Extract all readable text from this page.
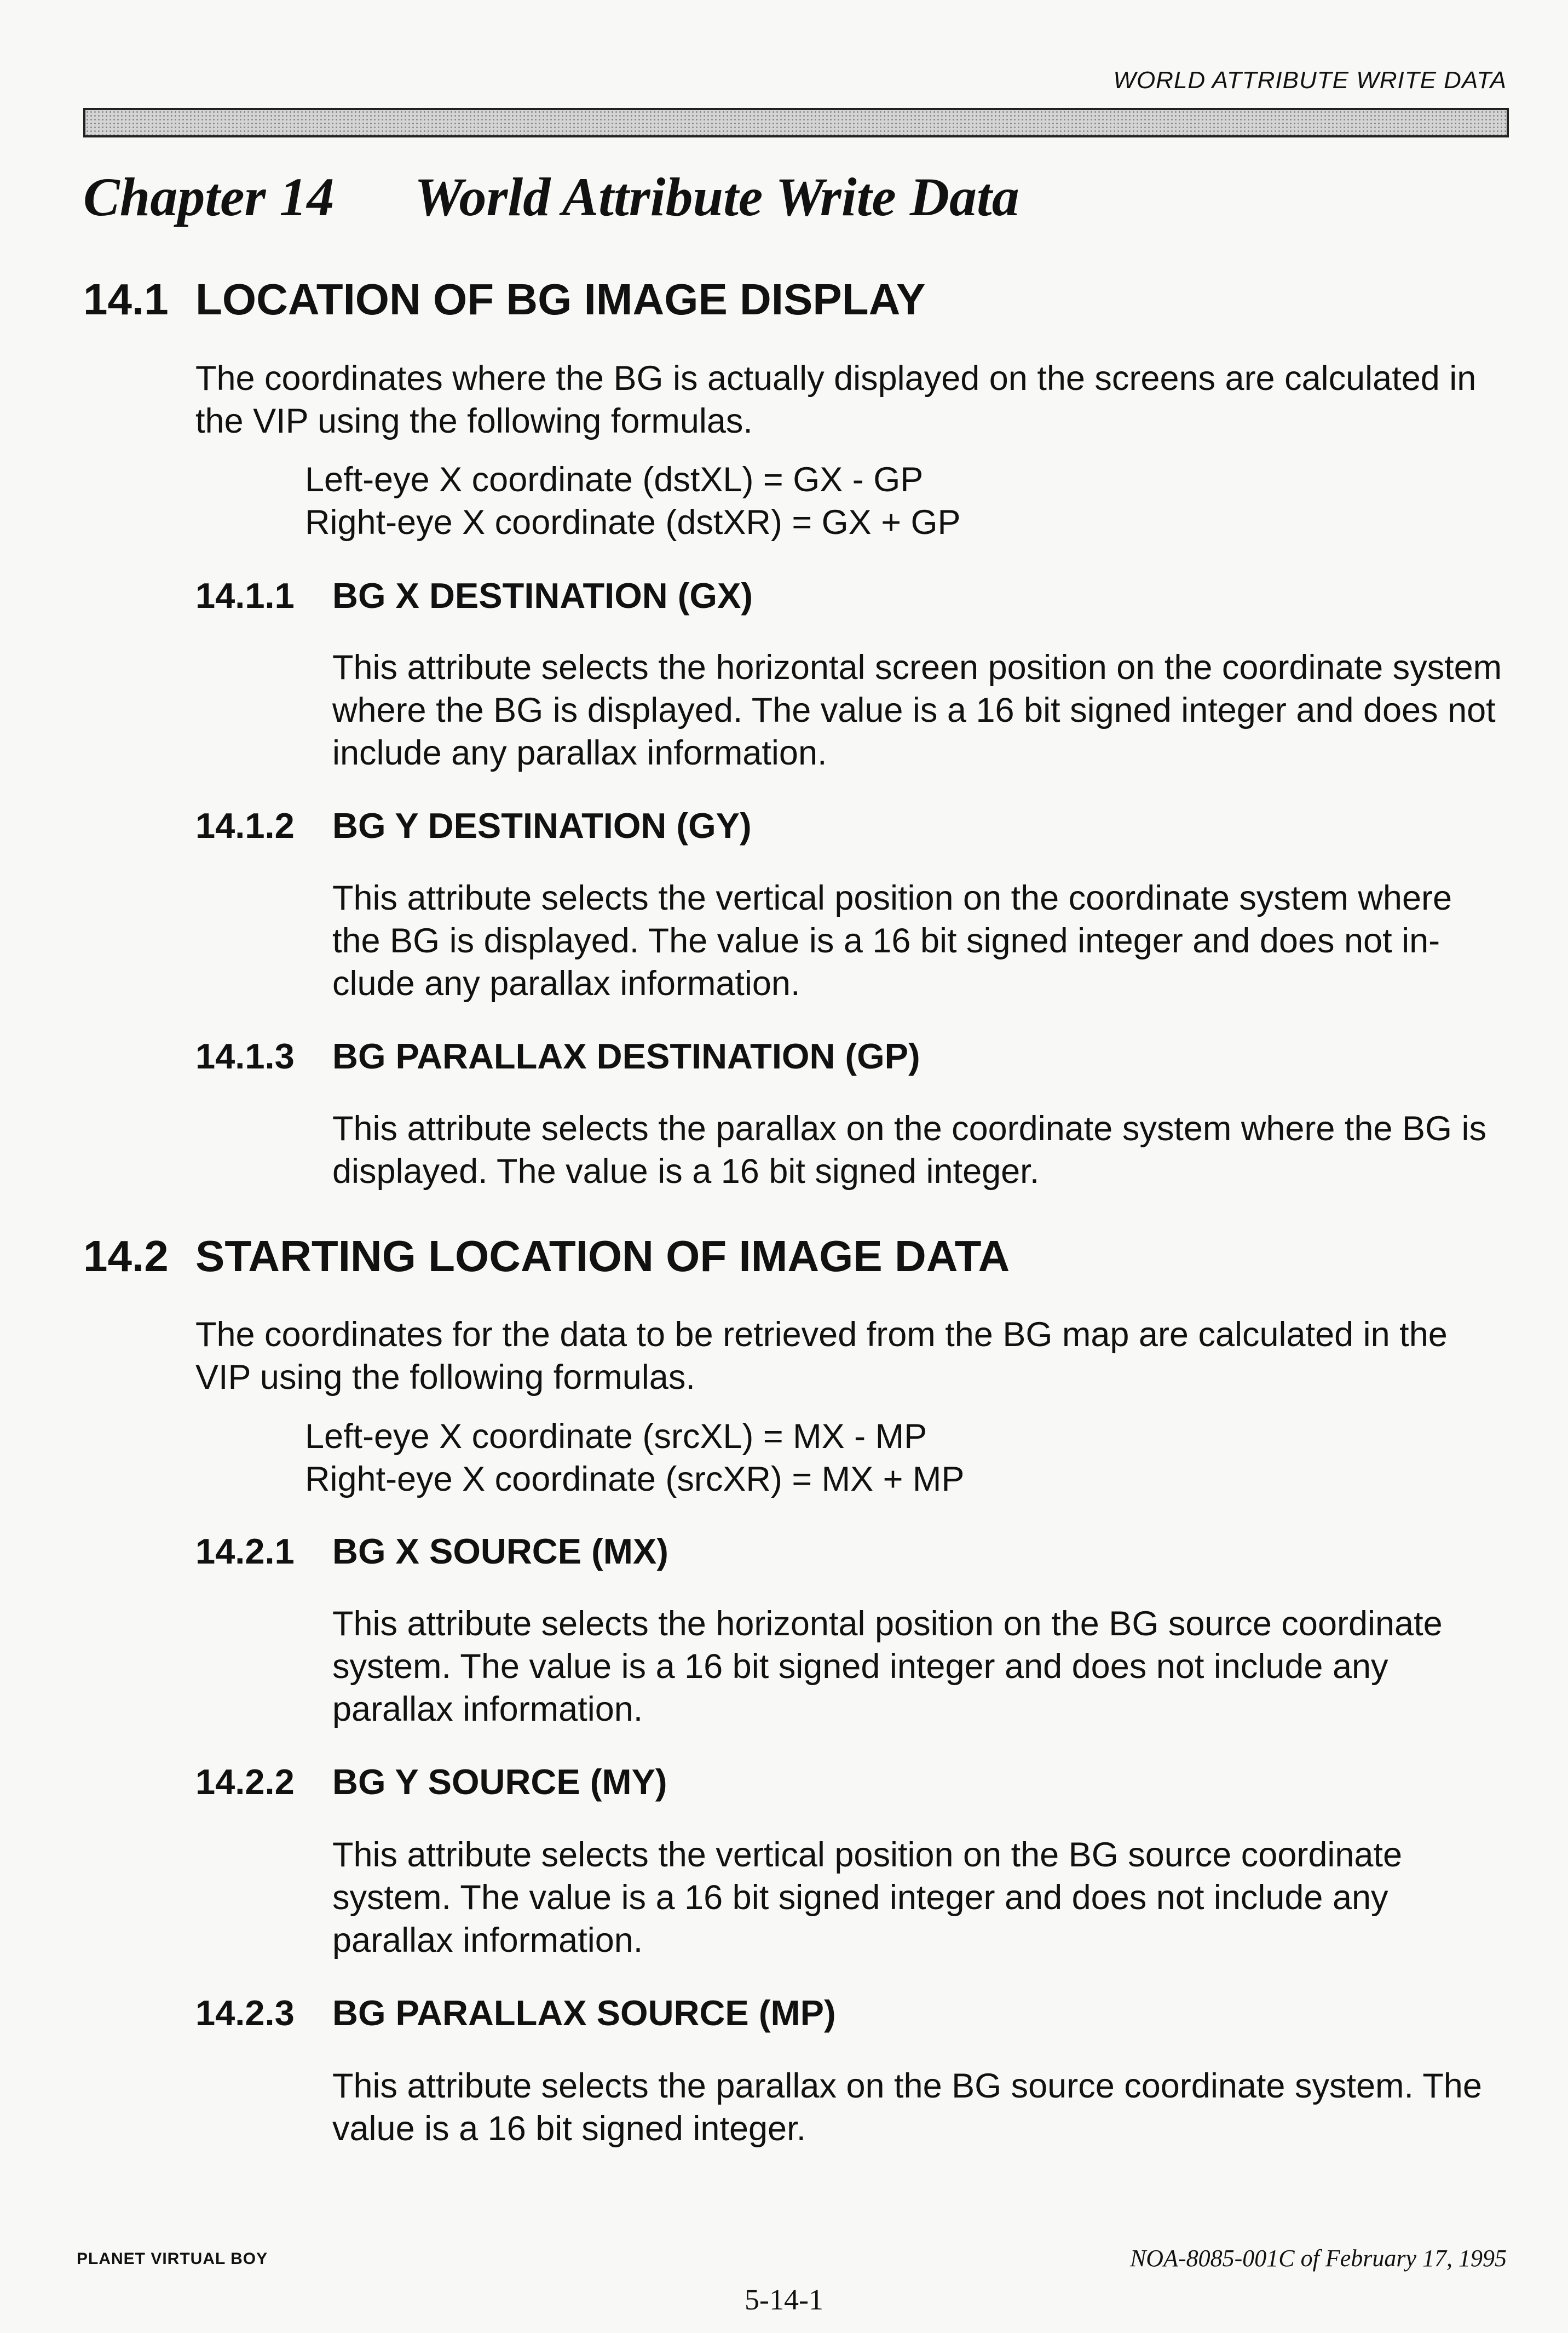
WORLD ATTRIBUTE WRITE DATA
Chapter 14 World Attribute Write Data
14.1 LOCATION OF BG IMAGE DISPLAY

The coordinates where the BG is actually displayed on the screens are calculated in the VIP using the following formulas.

Left-eye X coordinate (dstXL) = GX - GP

Right-eye X coordinate (dstXR) = GX + GP

14.1.1 BG X DESTINATION (GX)

This attribute selects the horizontal screen position on the coordinate system where the BG is displayed. The value is a 16 bit signed integer and does not include any parallax information.

14.1.2 BG Y DESTINATION (GY)

This attribute selects the vertical position on the coordinate system where the BG is displayed. The value is a 16 bit signed integer and does not in-clude any parallax information.

14.1.3 BG PARALLAX DESTINATION (GP)

This attribute selects the parallax on the coordinate system where the BG is displayed. The value is a 16 bit signed integer.

14.2 STARTING LOCATION OF IMAGE DATA

The coordinates for the data to be retrieved from the BG map are calculated in the VIP using the following formulas.

Left-eye X coordinate (srcXL) = MX - MP

Right-eye X coordinate (srcXR) = MX + MP

14.2.1 BG X SOURCE (MX)

This attribute selects the horizontal position on the BG source coordinate system. The value is a 16 bit signed integer and does not include any parallax information.

14.2.2 BG Y SOURCE (MY)

This attribute selects the vertical position on the BG source coordinate system. The value is a 16 bit signed integer and does not include any parallax information.

14.2.3 BG PARALLAX SOURCE (MP)

This attribute selects the parallax on the BG source coordinate system. The value is a 16 bit signed integer.

PLANET VIRTUAL BOY	NOA-8085-001C of February 17, 1995
5-14-1
